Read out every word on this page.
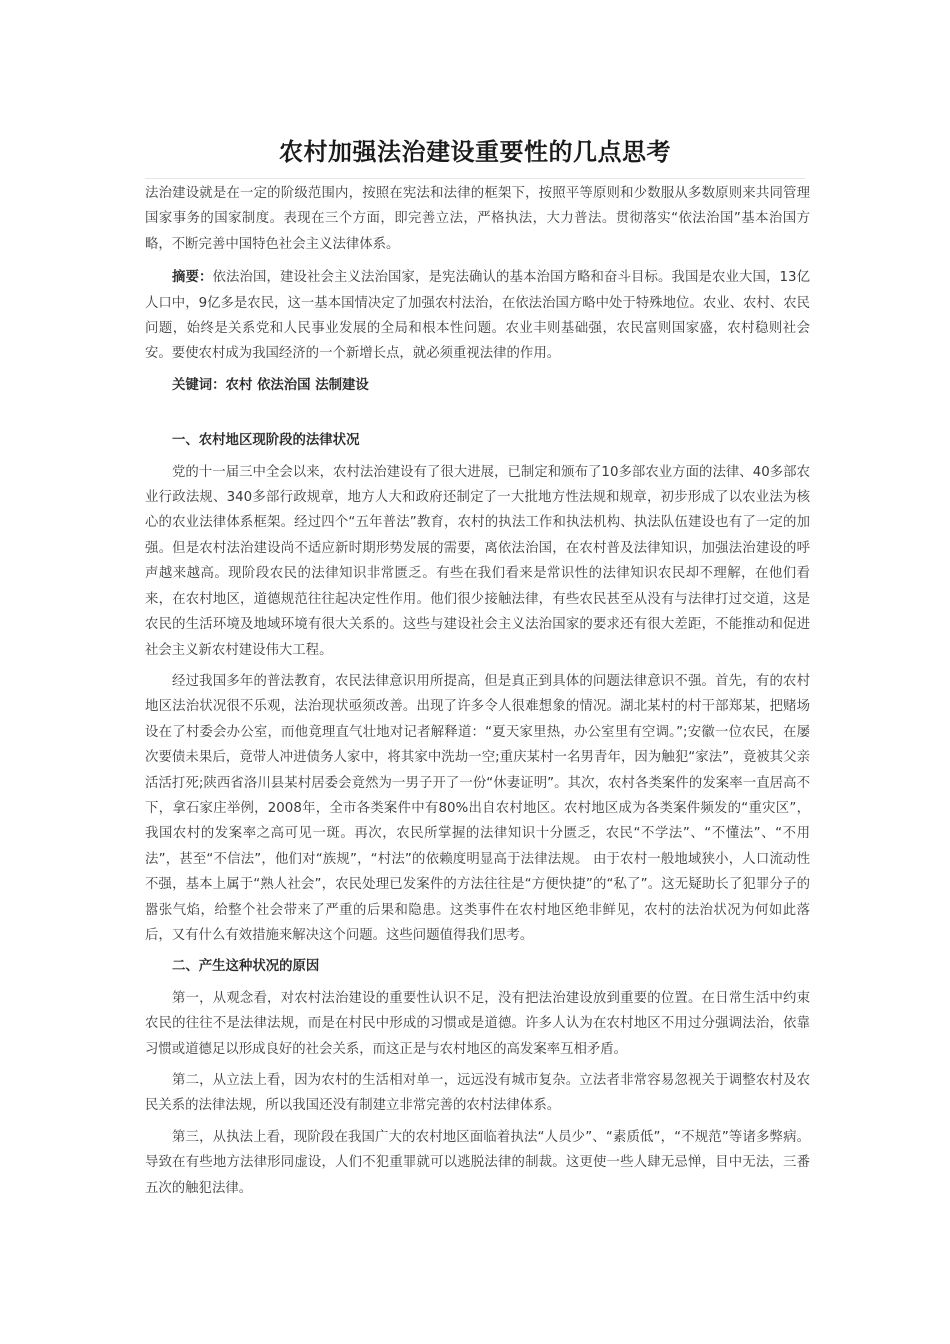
农村加强法治建设重要性的几点思考

法治建设就是在一定的阶级范围内，按照在宪法和法律的框架下，按照平等原则和少数服从多数原则来共同管理国家事务的国家制度。表现在三个方面，即完善立法，严格执法，大力普法。贯彻落实“依法治国”基本治国方略，不断完善中国特色社会主义法律体系。

摘要：依法治国，建设社会主义法治国家，是宪法确认的基本治国方略和奋斗目标。我国是农业大国，13亿人口中，9亿多是农民，这一基本国情决定了加强农村法治，在依法治国方略中处于特殊地位。农业、农村、农民问题，始终是关系党和人民事业发展的全局和根本性问题。农业丰则基础强，农民富则国家盛，农村稳则社会安。要使农村成为我国经济的一个新增长点，就必须重视法律的作用。

关键词：农村 依法治国 法制建设

一、农村地区现阶段的法律状况

党的十一届三中全会以来，农村法治建设有了很大进展，已制定和颁布了10多部农业方面的法律、40多部农业行政法规、340多部行政规章，地方人大和政府还制定了一大批地方性法规和规章，初步形成了以农业法为核心的农业法律体系框架。经过四个“五年普法”教育，农村的执法工作和执法机构、执法队伍建设也有了一定的加强。但是农村法治建设尚不适应新时期形势发展的需要，离依法治国，在农村普及法律知识，加强法治建设的呼声越来越高。现阶段农民的法律知识非常匮乏。有些在我们看来是常识性的法律知识农民却不理解，在他们看来，在农村地区，道德规范往往起决定性作用。他们很少接触法律，有些农民甚至从没有与法律打过交道，这是农民的生活环境及地域环境有很大关系的。这些与建设社会主义法治国家的要求还有很大差距，不能推动和促进社会主义新农村建设伟大工程。

经过我国多年的普法教育，农民法律意识用所提高，但是真正到具体的问题法律意识不强。首先，有的农村地区法治状况很不乐观，法治现状亟须改善。出现了许多令人很难想象的情况。湖北某村的村干部郑某，把赌场设在了村委会办公室，而他竟理直气壮地对记者解释道：“夏天家里热，办公室里有空调。”;安徽一位农民，在屡次要债未果后，竟带人冲进债务人家中，将其家中洗劫一空;重庆某村一名男青年，因为触犯“家法”，竟被其父亲活活打死;陕西省洛川县某村居委会竟然为一男子开了一份“休妻证明”。其次，农村各类案件的发案率一直居高不下，拿石家庄举例，2008年，全市各类案件中有80%出自农村地区。农村地区成为各类案件频发的“重灾区”，我国农村的发案率之高可见一斑。再次，农民所掌握的法律知识十分匮乏，农民“不学法”、“不懂法”、“不用法”，甚至“不信法”，他们对“族规”，“村法”的依赖度明显高于法律法规。 由于农村一般地域狭小，人口流动性不强，基本上属于“熟人社会”，农民处理已发案件的方法往往是“方便快捷”的“私了”。这无疑助长了犯罪分子的嚣张气焰，给整个社会带来了严重的后果和隐患。这类事件在农村地区绝非鲜见，农村的法治状况为何如此落后，又有什么有效措施来解决这个问题。这些问题值得我们思考。

二、产生这种状况的原因

第一，从观念看，对农村法治建设的重要性认识不足，没有把法治建设放到重要的位置。在日常生活中约束农民的往往不是法律法规，而是在村民中形成的习惯或是道德。许多人认为在农村地区不用过分强调法治，依靠习惯或道德足以形成良好的社会关系，而这正是与农村地区的高发案率互相矛盾。

第二，从立法上看，因为农村的生活相对单一，远远没有城市复杂。立法者非常容易忽视关于调整农村及农民关系的法律法规，所以我国还没有制建立非常完善的农村法律体系。

第三，从执法上看，现阶段在我国广大的农村地区面临着执法“人员少”、“素质低”，“不规范”等诸多弊病。导致在有些地方法律形同虚设，人们不犯重罪就可以逃脱法律的制裁。这更使一些人肆无忌惮，目中无法，三番五次的触犯法律。
